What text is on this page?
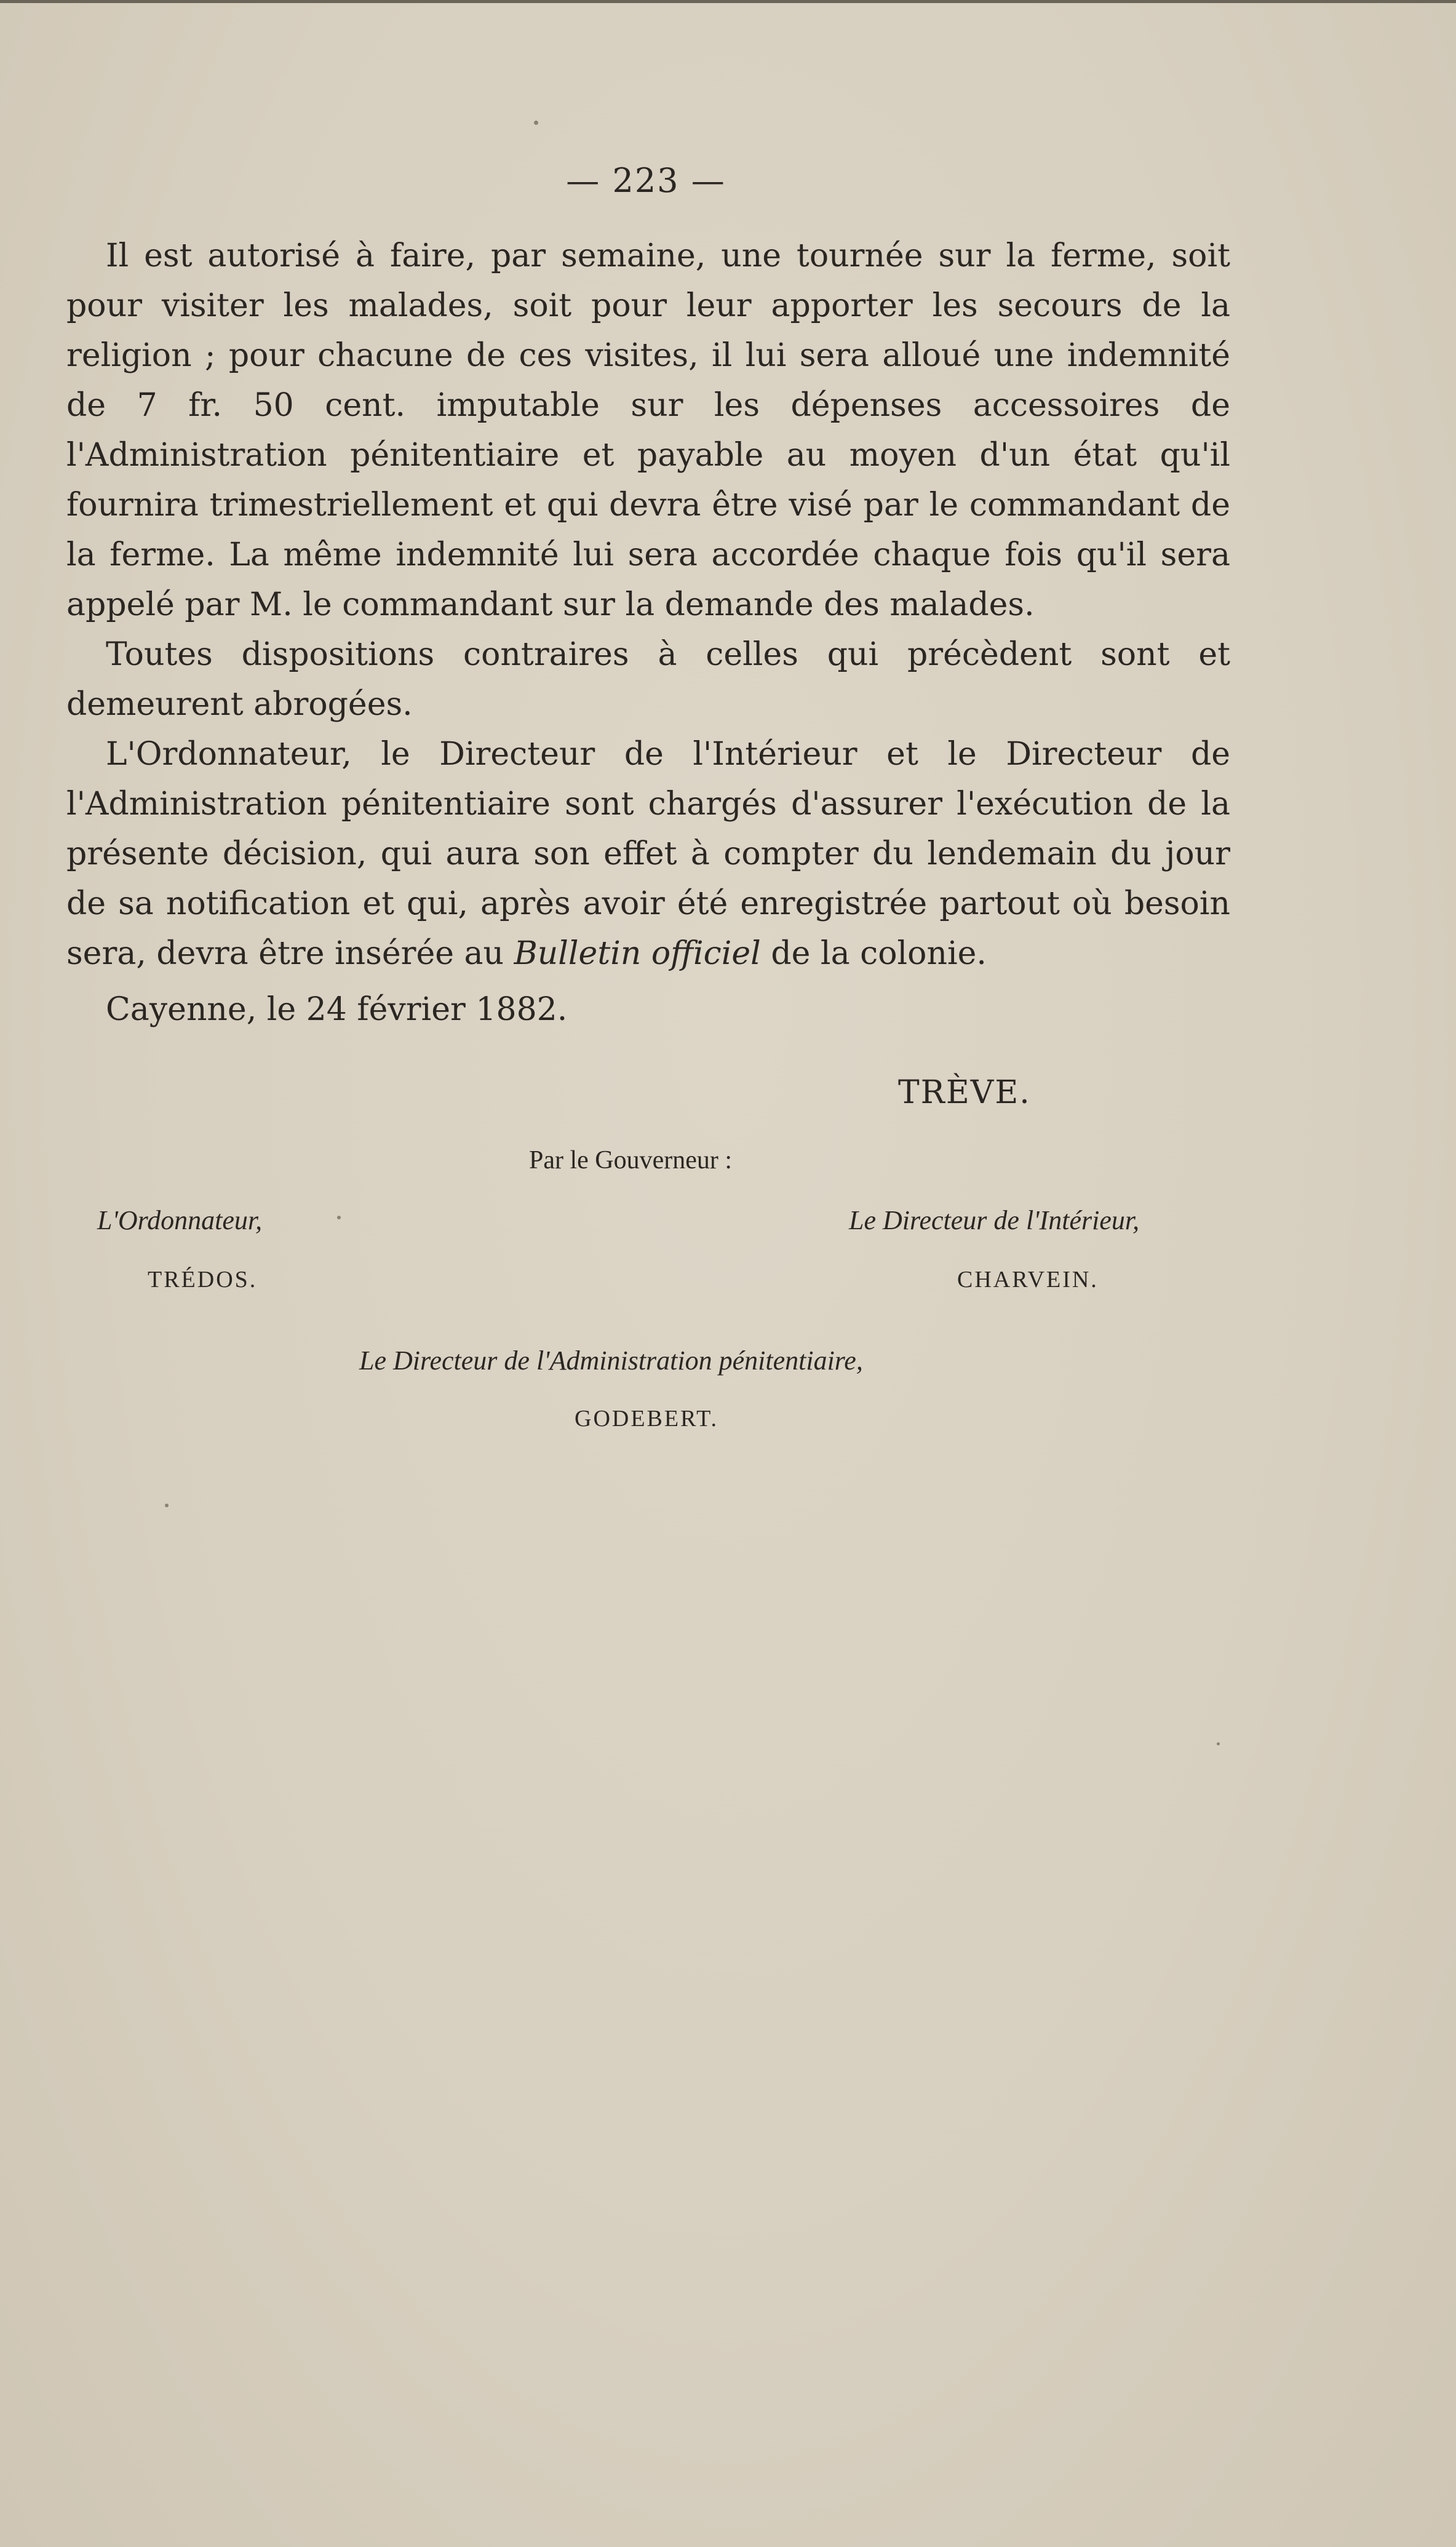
— 223 —

Il est autorisé à faire, par semaine, une tournée sur la ferme, soit pour visiter les malades, soit pour leur apporter les secours de la religion ; pour chacune de ces visites, il lui sera alloué une indemnité de 7 fr. 50 cent. imputable sur les dépenses accessoires de l'Administration pénitentiaire et payable au moyen d'un état qu'il fournira trimestriellement et qui devra être visé par le commandant de la ferme. La même indemnité lui sera accordée chaque fois qu'il sera appelé par M. le commandant sur la demande des malades.

Toutes dispositions contraires à celles qui précèdent sont et demeurent abrogées.

L'Ordonnateur, le Directeur de l'Intérieur et le Directeur de l'Administration pénitentiaire sont chargés d'assurer l'exécution de la présente décision, qui aura son effet à compter du lendemain du jour de sa notification et qui, après avoir été enregistrée partout où besoin sera, devra être insérée au Bulletin officiel de la colonie.

Cayenne, le 24 février 1882.

TRÈVE.
Par le Gouverneur :
L'Ordonnateur,	Le Directeur de l'Intérieur,
TRÉDOS.	CHARVEIN.
Le Directeur de l'Administration pénitentiaire,
GODEBERT.
